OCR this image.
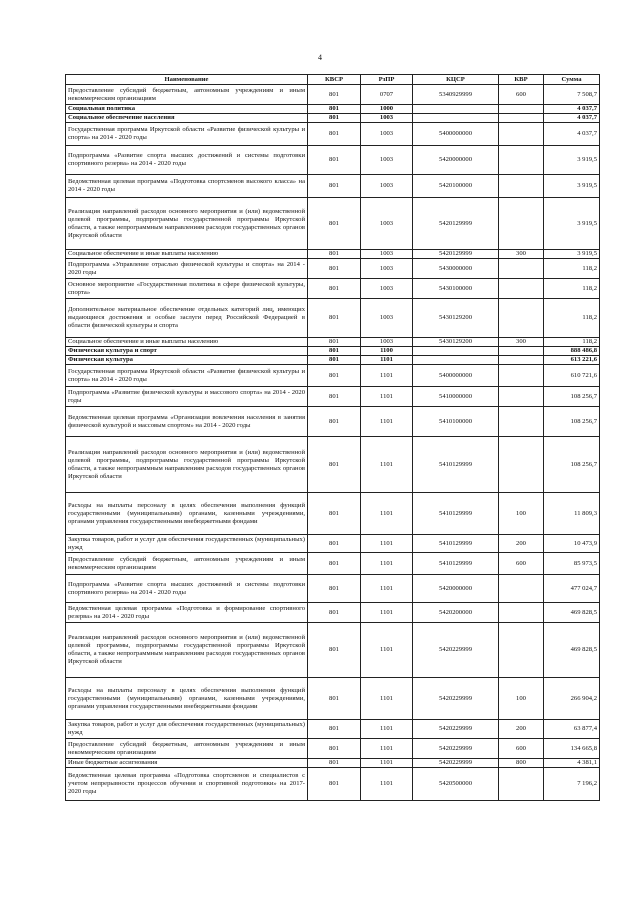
4
Наименование	КВСР	РзПР	КЦСР	КВР	Сумма
Предоставление субсидий бюджетным, автономным учреждениям и иным некоммерческим организациям	801	0707	5340929999	600	7 508,7
Социальная политика	801	1000			4 037,7
Социальное обеспечение населения	801	1003			4 037,7
Государственная программа Иркутской области «Развитие физической культуры и спорта» на 2014 - 2020 годы	801	1003	5400000000		4 037,7
Подпрограмма «Развитие спорта высших достижений и системы подготовки спортивного резерва» на 2014 - 2020 годы	801	1003	5420000000		3 919,5
Ведомственная целевая программа «Подготовка спортсменов высокого класса» на 2014 - 2020 годы	801	1003	5420100000		3 919,5
Реализация направлений расходов основного мероприятия и (или) ведомственной целевой программы, подпрограммы государственной программы Иркутской области, а также непрограммным направлениям расходов государственных органов Иркутской области	801	1003	5420129999		3 919,5
Социальное обеспечение и иные выплаты населению	801	1003	5420129999	300	3 919,5
Подпрограмма «Управление отраслью физической культуры и спорта» на 2014 - 2020 годы	801	1003	5430000000		118,2
Основное мероприятие «Государственная политика в сфере физической культуры, спорта»	801	1003	5430100000		118,2
Дополнительное материальное обеспечение отдельных категорий лиц, имеющих выдающиеся достижения и особые заслуги перед Российской Федерацией в области физической культуры и спорта	801	1003	5430129200		118,2
Социальное обеспечение и иные выплаты населению	801	1003	5430129200	300	118,2
Физическая культура и спорт	801	1100			888 486,8
Физическая культура	801	1101			613 221,6
Государственная программа Иркутской области «Развитие физической культуры и спорта» на 2014 - 2020 годы	801	1101	5400000000		610 721,6
Подпрограмма «Развитие физической культуры и массового спорта» на 2014 - 2020 годы	801	1101	5410000000		108 256,7
Ведомственная целевая программа «Организация вовлечения населения в занятия физической культурой и массовым спортом» на 2014 - 2020 годы	801	1101	5410100000		108 256,7
Реализация направлений расходов основного мероприятия и (или) ведомственной целевой программы, подпрограммы государственной программы Иркутской области, а также непрограммным направлениям расходов государственных органов Иркутской области	801	1101	5410129999		108 256,7
Расходы на выплаты персоналу в целях обеспечения выполнения функций государственными (муниципальными) органами, казенными учреждениями, органами управления государственными внебюджетными фондами	801	1101	5410129999	100	11 809,3
Закупка товаров, работ и услуг для обеспечения государственных (муниципальных) нужд	801	1101	5410129999	200	10 473,9
Предоставление субсидий бюджетным, автономным учреждениям и иным некоммерческим организациям	801	1101	5410129999	600	85 973,5
Подпрограмма «Развитие спорта высших достижений и системы подготовки спортивного резерва» на 2014 - 2020 годы	801	1101	5420000000		477 024,7
Ведомственная целевая программа «Подготовка и формирование спортивного резерва» на 2014 - 2020 годы	801	1101	5420200000		469 828,5
Реализация направлений расходов основного мероприятия и (или) ведомственной целевой программы, подпрограммы государственной программы Иркутской области, а также непрограммным направлениям расходов государственных органов Иркутской области	801	1101	5420229999		469 828,5
Расходы на выплаты персоналу в целях обеспечения выполнения функций государственными (муниципальными) органами, казенными учреждениями, органами управления государственными внебюджетными фондами	801	1101	5420229999	100	266 904,2
Закупка товаров, работ и услуг для обеспечения государственных (муниципальных) нужд	801	1101	5420229999	200	63 877,4
Предоставление субсидий бюджетным, автономным учреждениям и иным некоммерческим организациям	801	1101	5420229999	600	134 665,8
Иные бюджетные ассигнования	801	1101	5420229999	800	4 381,1
Ведомственная целевая программа «Подготовка спортсменов и специалистов с учетом непрерывности процессов обучения и спортивной подготовки» на 2017-2020 годы	801	1101	5420500000		7 196,2
